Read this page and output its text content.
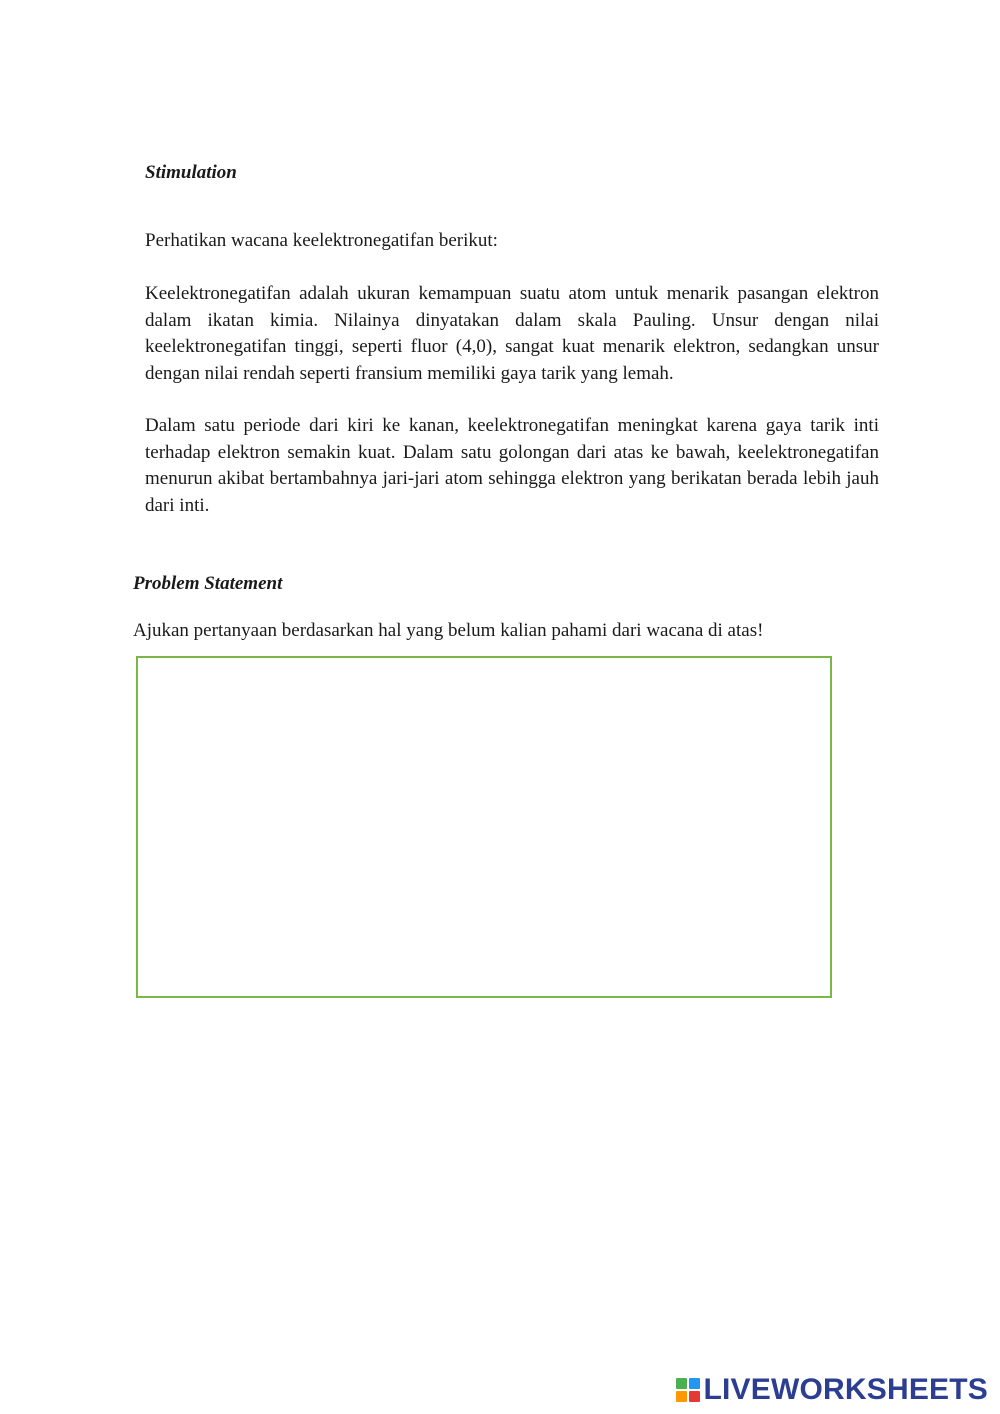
Stimulation

Perhatikan wacana keelektronegatifan berikut:

Keelektronegatifan adalah ukuran kemampuan suatu atom untuk menarik pasangan elektron dalam ikatan kimia. Nilainya dinyatakan dalam skala Pauling. Unsur dengan nilai keelektronegatifan tinggi, seperti fluor (4,0), sangat kuat menarik elektron, sedangkan unsur dengan nilai rendah seperti fransium memiliki gaya tarik yang lemah.

Dalam satu periode dari kiri ke kanan, keelektronegatifan meningkat karena gaya tarik inti terhadap elektron semakin kuat. Dalam satu golongan dari atas ke bawah, keelektronegatifan menurun akibat bertambahnya jari-jari atom sehingga elektron yang berikatan berada lebih jauh dari inti.

Problem Statement

Ajukan pertanyaan berdasarkan hal yang belum kalian pahami dari wacana di atas!

LIVEWORKSHEETS
